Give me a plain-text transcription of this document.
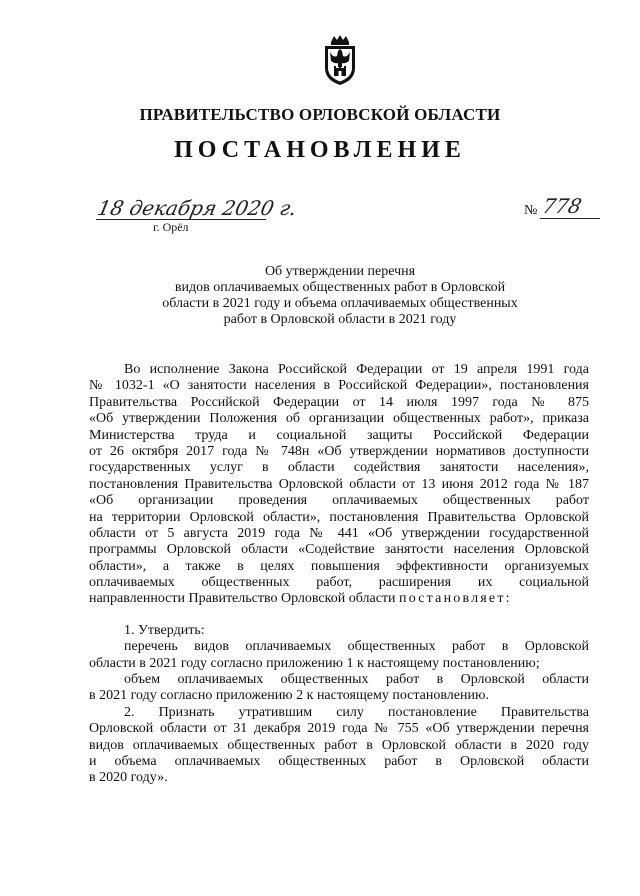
ПРАВИТЕЛЬСТВО ОРЛОВСКОЙ ОБЛАСТИ
ПОСТАНОВЛЕНИЕ
18 декабря 2020 г.
г. Орёл
№ 778
Об утверждении перечня
видов оплачиваемых общественных работ в Орловской
области в 2021 году и объема оплачиваемых общественных
работ в Орловской области в 2021 году
Во исполнение Закона Российской Федерации от 19 апреля 1991 года
№ 1032-1 «О занятости населения в Российской Федерации», постановления
Правительства Российской Федерации от 14 июля 1997 года № 875
«Об утверждении Положения об организации общественных работ», приказа
Министерства труда и социальной защиты Российской Федерации
от 26 октября 2017 года № 748н «Об утверждении нормативов доступности
государственных услуг в области содействия занятости населения»,
постановления Правительства Орловской области от 13 июня 2012 года № 187
«Об организации проведения оплачиваемых общественных работ
на территории Орловской области», постановления Правительства Орловской
области от 5 августа 2019 года № 441 «Об утверждении государственной
программы Орловской области «Содействие занятости населения Орловской
области», а также в целях повышения эффективности организуемых
оплачиваемых общественных работ, расширения их социальной
направленности Правительство Орловской области постановляет:
1. Утвердить:
перечень видов оплачиваемых общественных работ в Орловской
области в 2021 году согласно приложению 1 к настоящему постановлению;
объем оплачиваемых общественных работ в Орловской области
в 2021 году согласно приложению 2 к настоящему постановлению.
2. Признать утратившим силу постановление Правительства
Орловской области от 31 декабря 2019 года № 755 «Об утверждении перечня
видов оплачиваемых общественных работ в Орловской области в 2020 году
и объема оплачиваемых общественных работ в Орловской области
в 2020 году».
